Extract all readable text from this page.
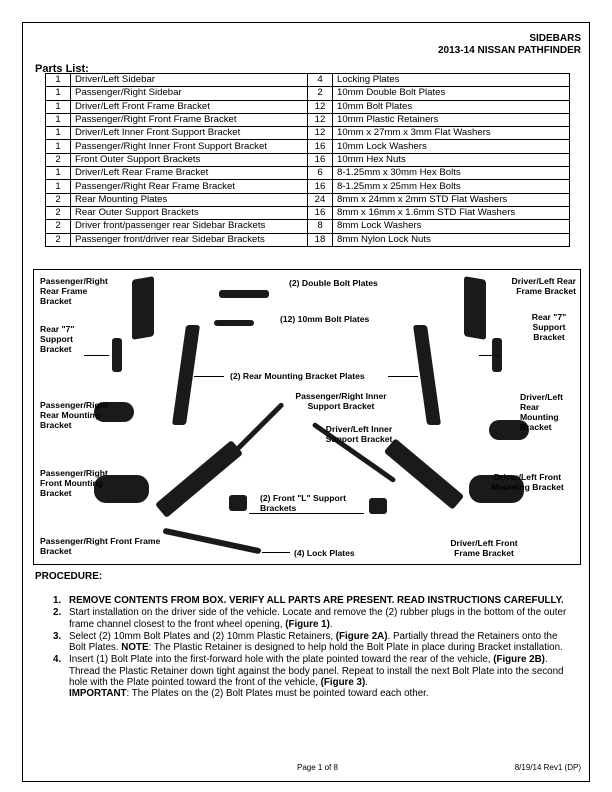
SIDEBARS
2013-14 NISSAN PATHFINDER
Parts List:
1	Driver/Left Sidebar	4	Locking Plates
1	Passenger/Right Sidebar	2	10mm Double Bolt Plates
1	Driver/Left Front Frame Bracket	12	10mm Bolt Plates
1	Passenger/Right Front Frame Bracket	12	10mm Plastic Retainers
1	Driver/Left Inner Front Support Bracket	12	10mm x 27mm x 3mm Flat Washers
1	Passenger/Right Inner Front Support Bracket	16	10mm Lock Washers
2	Front Outer Support Brackets	16	10mm Hex Nuts
1	Driver/Left Rear Frame Bracket	6	8-1.25mm x 30mm Hex Bolts
1	Passenger/Right Rear Frame Bracket	16	8-1.25mm x 25mm Hex Bolts
2	Rear Mounting Plates	24	8mm x 24mm x 2mm STD Flat Washers
2	Rear Outer Support Brackets	16	8mm x 16mm x 1.6mm STD Flat Washers
2	Driver front/passenger rear Sidebar Brackets	8	8mm Lock Washers
2	Passenger front/driver rear Sidebar Brackets	18	8mm Nylon Lock Nuts
Passenger/Right Rear Frame Bracket
(2) Double Bolt Plates
(12) 10mm Bolt Plates
Rear "7" Support Bracket
(2) Rear Mounting Bracket Plates
Driver/Left Rear Frame Bracket
Rear "7" Support Bracket
Passenger/Right Inner Support Bracket
Passenger/Right Rear Mounting Bracket
Driver/Left Rear Mounting Bracket
Driver/Left Inner Support Bracket
Passenger/Right Front Mounting Bracket
Driver/Left Front Mounting Bracket
(2) Front "L" Support Brackets
Passenger/Right Front Frame Bracket	(4) Lock Plates
Driver/Left Front Frame Bracket
PROCEDURE:
1. REMOVE CONTENTS FROM BOX. VERIFY ALL PARTS ARE PRESENT. READ INSTRUCTIONS CAREFULLY.
2. Start installation on the driver side of the vehicle. Locate and remove the (2) rubber plugs in the bottom of the outer frame channel closest to the front wheel opening, (Figure 1).
3. Select (2) 10mm Bolt Plates and (2) 10mm Plastic Retainers, (Figure 2A). Partially thread the Retainers onto the Bolt Plates. NOTE: The Plastic Retainer is designed to help hold the Bolt Plate in place during Bracket installation.
4. Insert (1) Bolt Plate into the first-forward hole with the plate pointed toward the rear of the vehicle, (Figure 2B). Thread the Plastic Retainer down tight against the body panel. Repeat to install the next Bolt Plate into the second hole with the Plate pointed toward the front of the vehicle, (Figure 3).
IMPORTANT: The Plates on the (2) Bolt Plates must be pointed toward each other.
Page 1 of 8	8/19/14 Rev1 (DP)
